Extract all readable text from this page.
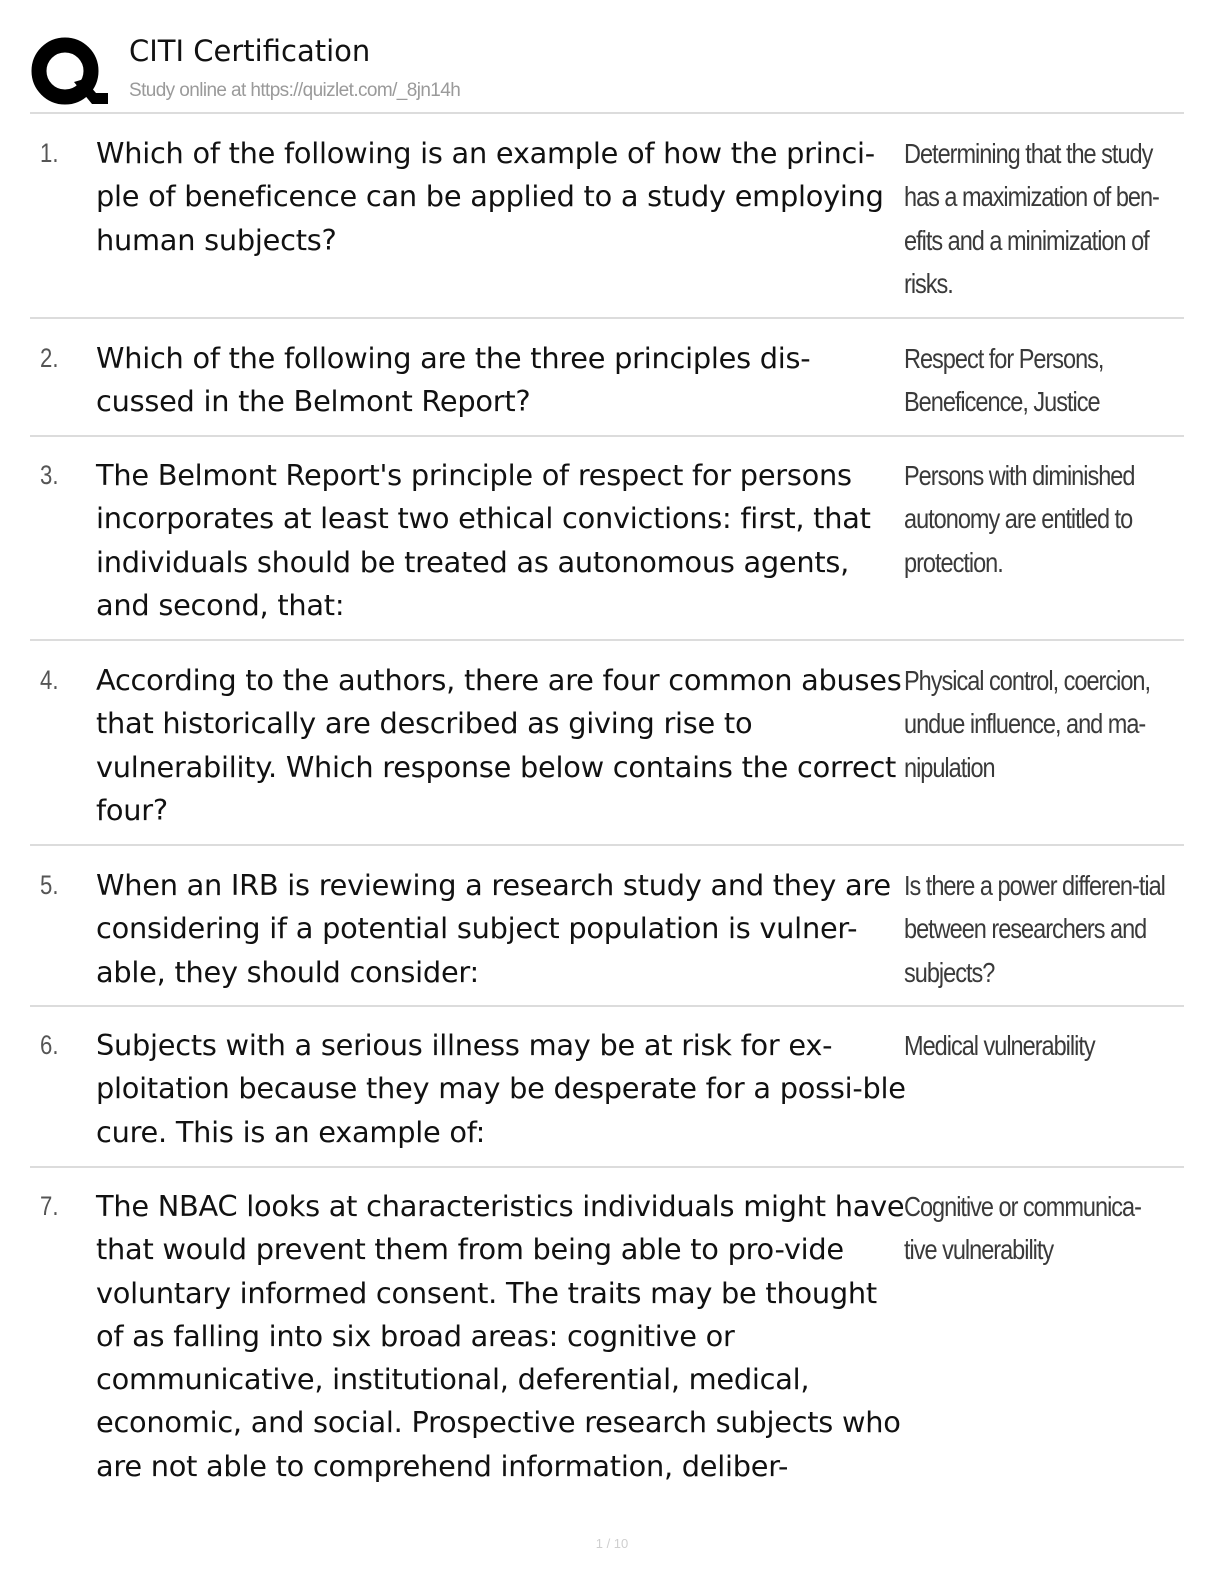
CITI Certification
Study online at https://quizlet.com/_8jn14h
1. Which of the following is an example of how the princi-ple of beneficence can be applied to a study employing human subjects?
Determining that the study has a maximization of ben-efits and a minimization of risks.
2. Which of the following are the three principles dis-cussed in the Belmont Report?
Respect for Persons, Beneficence, Justice
3. The Belmont Report's principle of respect for persons incorporates at least two ethical convictions: first, that individuals should be treated as autonomous agents, and second, that:
Persons with diminished autonomy are entitled to protection.
4. According to the authors, there are four common abuses that historically are described as giving rise to vulnerability. Which response below contains the correct four?
Physical control, coercion, undue influence, and ma-nipulation
5. When an IRB is reviewing a research study and they are considering if a potential subject population is vulner-able, they should consider:
Is there a power differen-tial between researchers and subjects?
6. Subjects with a serious illness may be at risk for ex-ploitation because they may be desperate for a possi-ble cure. This is an example of:
Medical vulnerability
7. The NBAC looks at characteristics individuals might have that would prevent them from being able to pro-vide voluntary informed consent. The traits may be thought of as falling into six broad areas: cognitive or communicative, institutional, deferential, medical, economic, and social. Prospective research subjects who are not able to comprehend information, deliber-
Cognitive or communica-tive vulnerability
1 / 10
